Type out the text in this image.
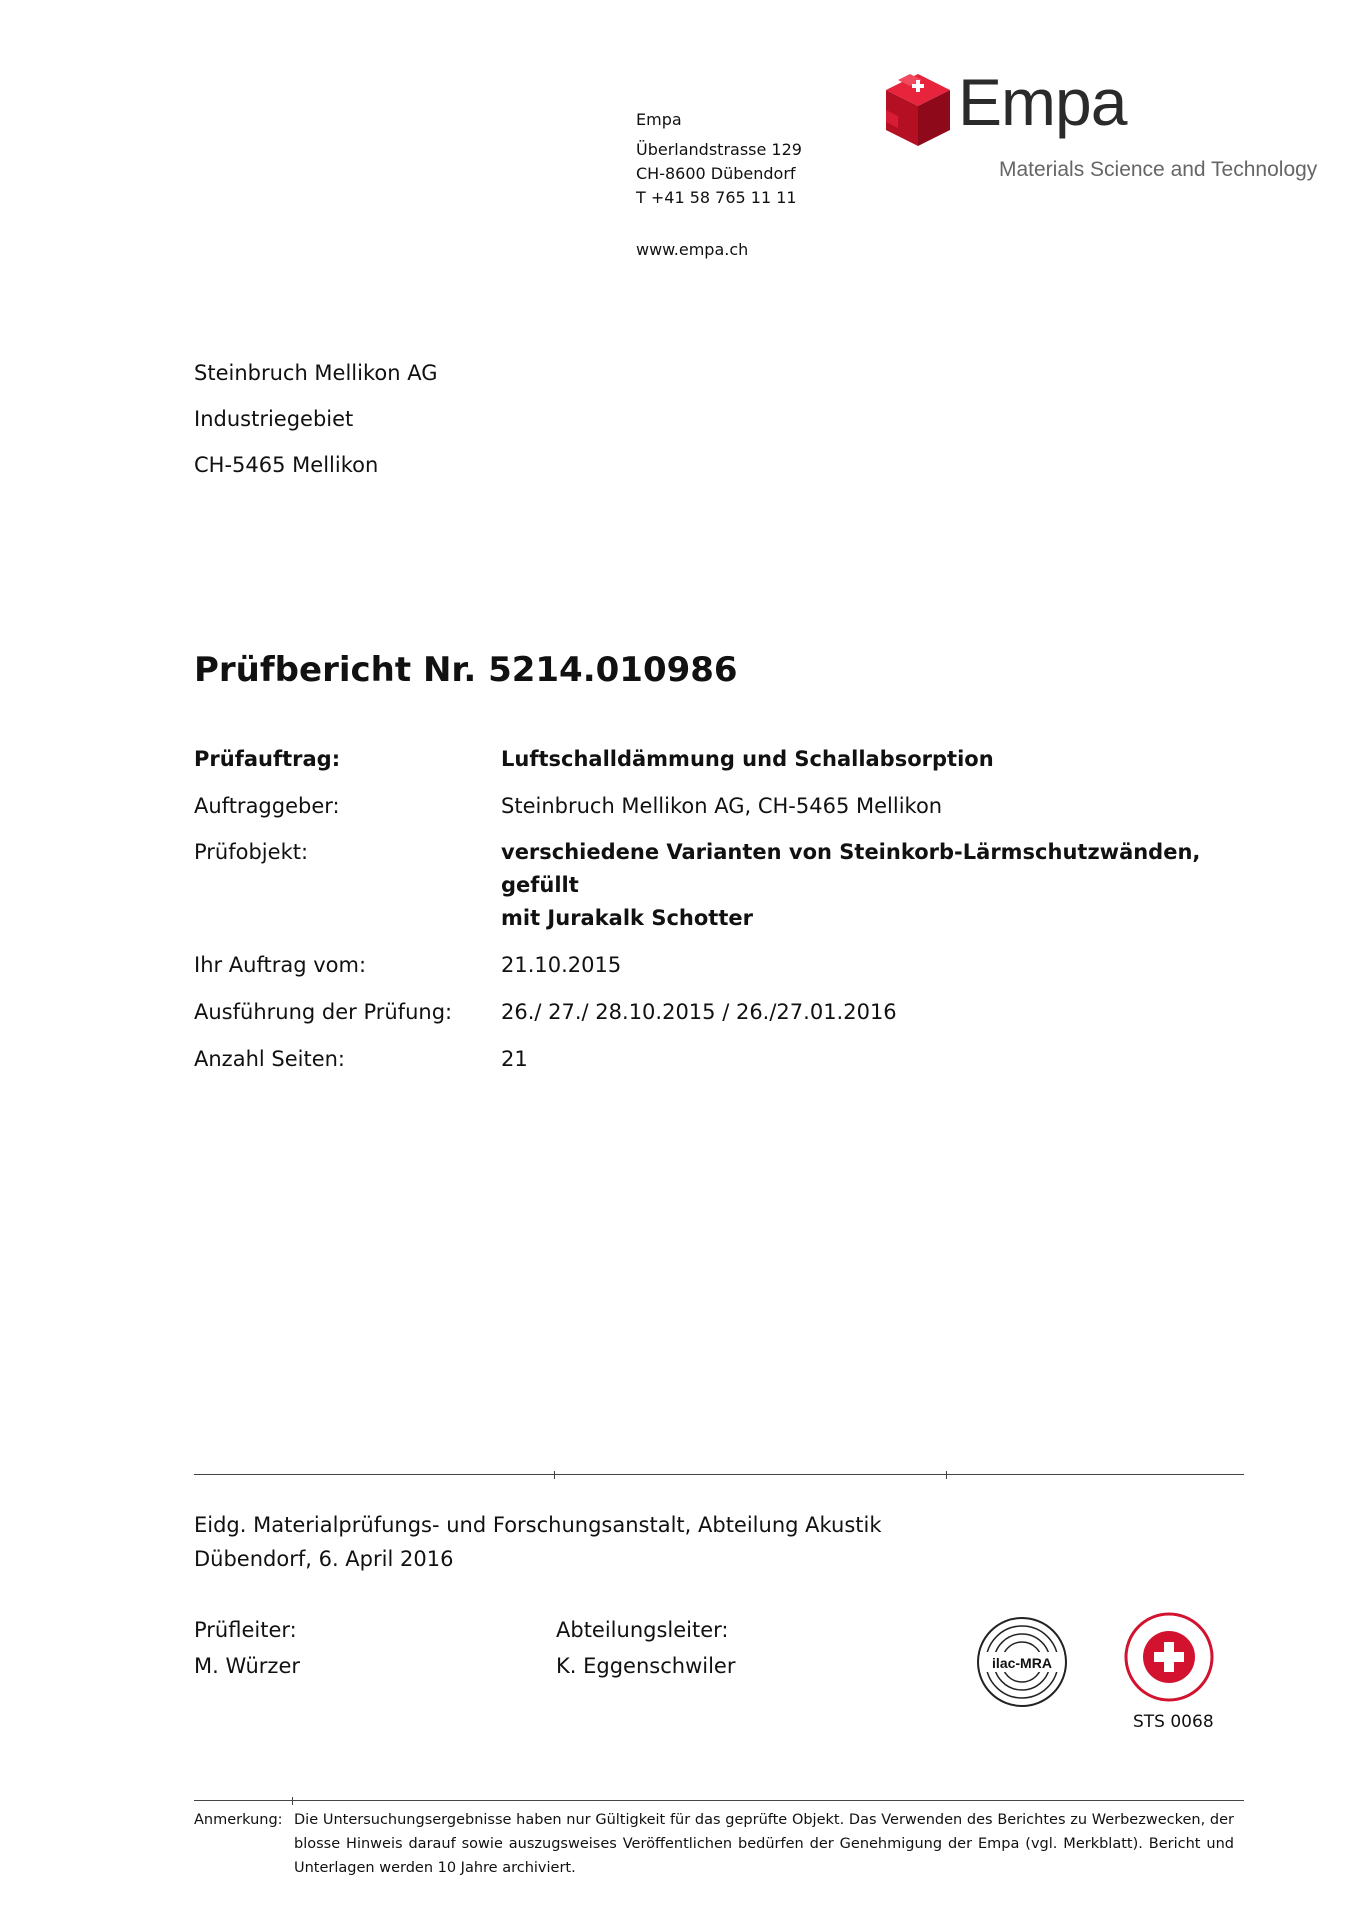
Empa
Überlandstrasse 129
CH-8600 Dübendorf
T +41 58 765 11 11
www.empa.ch
Empa
Materials Science and Technology
Steinbruch Mellikon AG
Industriegebiet
CH-5465 Mellikon
Prüfbericht Nr. 5214.010986
Prüfauftrag:	Luftschalldämmung und Schallabsorption
Auftraggeber:	Steinbruch Mellikon AG, CH-5465 Mellikon
Prüfobjekt:	verschiedene Varianten von Steinkorb-Lärmschutzwänden, gefüllt
mit Jurakalk Schotter
Ihr Auftrag vom:	21.10.2015
Ausführung der Prüfung:	26./ 27./ 28.10.2015 / 26./27.01.2016
Anzahl Seiten:	21
Eidg. Materialprüfungs- und Forschungsanstalt, Abteilung Akustik
Dübendorf, 6. April 2016
Prüfleiter:
M. Würzer
Abteilungsleiter:
K. Eggenschwiler	ilac-MRA
STS 0068
Anmerkung: Die Untersuchungsergebnisse haben nur Gültigkeit für das geprüfte Objekt. Das Verwenden des Berichtes zu Werbezwecken, der blosse Hinweis darauf sowie auszugsweises Veröffentlichen bedürfen der Genehmigung der Empa (vgl. Merkblatt). Bericht und Unterlagen werden 10 Jahre archiviert.
